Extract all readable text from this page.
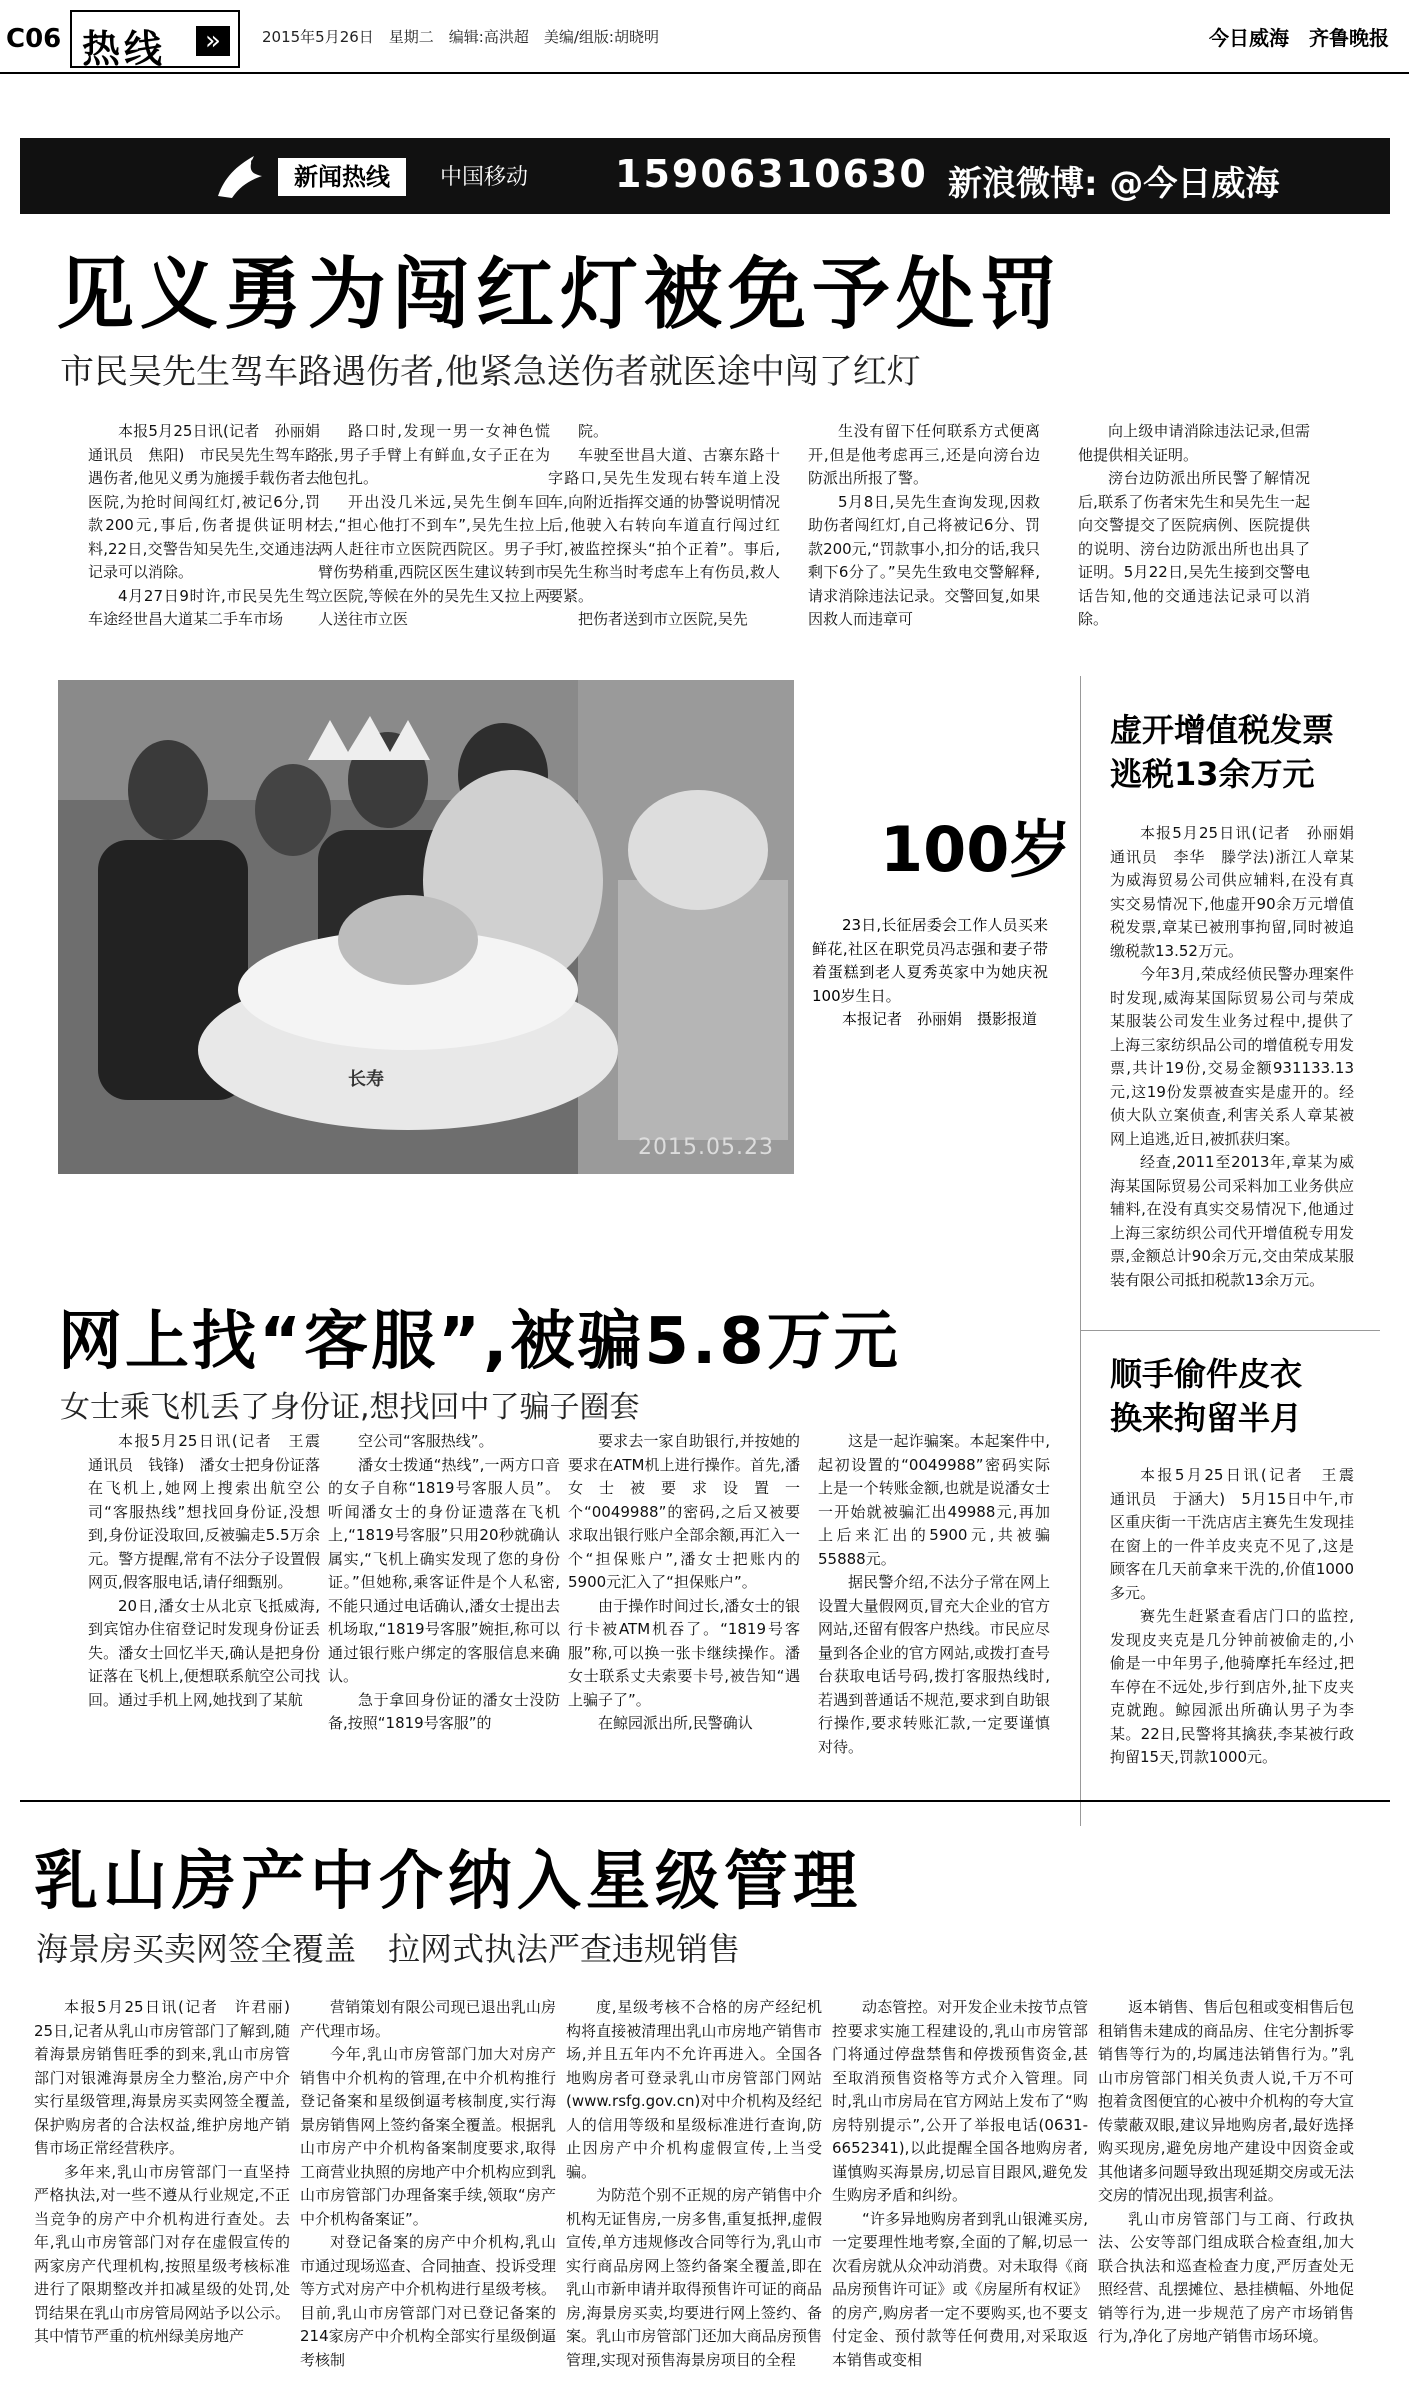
C06 热线	»	2015年5月26日　星期二　编辑:高洪超　美编/组版:胡晓明	今日威海　齐鲁晚报
新闻热线	中国移动 15906310630 新浪微博: @今日威海
见义勇为闯红灯被免予处罚
市民吴先生驾车路遇伤者,他紧急送伤者就医途中闯了红灯

本报5月25日讯(记者　孙丽娟　通讯员　焦阳)　市民吴先生驾车路遇伤者,他见义勇为施援手载伤者去医院,为抢时间闯红灯,被记6分,罚款200元,事后,伤者提供证明材料,22日,交警告知吴先生,交通违法记录可以消除。

4月27日9时许,市民吴先生驾车途经世昌大道某二手车市场

路口时,发现一男一女神色慌张,男子手臂上有鲜血,女子正在为他包扎。

开出没几米远,吴先生倒车回去,“担心他打不到车”,吴先生拉上两人赶往市立医院西院区。男子手臂伤势稍重,西院区医生建议转到市立医院,等候在外的吴先生又拉上两人送往市立医

院。

车驶至世昌大道、古寨东路十字路口,吴先生发现右转车道上没车,向附近指挥交通的协警说明情况后,他驶入右转向车道直行闯过红灯,被监控探头“拍个正着”。事后,吴先生称当时考虑车上有伤员,救人要紧。

把伤者送到市立医院,吴先

生没有留下任何联系方式便离开,但是他考虑再三,还是向滂台边防派出所报了警。

5月8日,吴先生查询发现,因救助伤者闯红灯,自己将被记6分、罚款200元,“罚款事小,扣分的话,我只剩下6分了。”吴先生致电交警解释,请求消除违法记录。交警回复,如果因救人而违章可

向上级申请消除违法记录,但需他提供相关证明。

滂台边防派出所民警了解情况后,联系了伤者宋先生和吴先生一起向交警提交了医院病例、医院提供的说明、滂台边防派出所也出具了证明。5月22日,吴先生接到交警电话告知,他的交通违法记录可以消除。

长寿
2015.05.23
100岁

23日,长征居委会工作人员买来鲜花,社区在职党员冯志强和妻子带着蛋糕到老人夏秀英家中为她庆祝100岁生日。

本报记者　孙丽娟　摄影报道

虚开增值税发票
逃税13余万元

本报5月25日讯(记者　孙丽娟　通讯员　李华　滕学法)浙江人章某为威海贸易公司供应辅料,在没有真实交易情况下,他虚开90余万元增值税发票,章某已被刑事拘留,同时被追缴税款13.52万元。

今年3月,荣成经侦民警办理案件时发现,威海某国际贸易公司与荣成某服装公司发生业务过程中,提供了上海三家纺织品公司的增值税专用发票,共计19份,交易金额931133.13元,这19份发票被查实是虚开的。经侦大队立案侦查,利害关系人章某被网上追逃,近日,被抓获归案。

经查,2011至2013年,章某为威海某国际贸易公司采料加工业务供应辅料,在没有真实交易情况下,他通过上海三家纺织公司代开增值税专用发票,金额总计90余万元,交由荣成某服装有限公司抵扣税款13余万元。

顺手偷件皮衣
换来拘留半月

本报5月25日讯(记者　王震　通讯员　于涵大)　5月15日中午,市区重庆街一干洗店店主赛先生发现挂在窗上的一件羊皮夹克不见了,这是顾客在几天前拿来干洗的,价值1000多元。

赛先生赶紧查看店门口的监控,发现皮夹克是几分钟前被偷走的,小偷是一中年男子,他骑摩托车经过,把车停在不远处,步行到店外,扯下皮夹克就跑。鲸园派出所确认男子为李某。22日,民警将其擒获,李某被行政拘留15天,罚款1000元。

网上找“客服”,被骗5.8万元
女士乘飞机丢了身份证,想找回中了骗子圈套

本报5月25日讯(记者　王震　通讯员　钱锋)　潘女士把身份证落在飞机上,她网上搜索出航空公司“客服热线”想找回身份证,没想到,身份证没取回,反被骗走5.5万余元。警方提醒,常有不法分子设置假网页,假客服电话,请仔细甄别。

20日,潘女士从北京飞抵威海,到宾馆办住宿登记时发现身份证丢失。潘女士回忆半天,确认是把身份证落在飞机上,便想联系航空公司找回。通过手机上网,她找到了某航

空公司“客服热线”。

潘女士拨通“热线”,一两方口音的女子自称“1819号客服人员”。听闻潘女士的身份证遗落在飞机上,“1819号客服”只用20秒就确认属实,“飞机上确实发现了您的身份证。”但她称,乘客证件是个人私密,不能只通过电话确认,潘女士提出去机场取,“1819号客服”婉拒,称可以通过银行账户绑定的客服信息来确认。

急于拿回身份证的潘女士没防备,按照“1819号客服”的

要求去一家自助银行,并按她的要求在ATM机上进行操作。首先,潘女士被要求设置一个“0049988”的密码,之后又被要求取出银行账户全部余额,再汇入一个“担保账户”,潘女士把账内的5900元汇入了“担保账户”。

由于操作时间过长,潘女士的银行卡被ATM机吞了。“1819号客服”称,可以换一张卡继续操作。潘女士联系丈夫索要卡号,被告知“遇上骗子了”。

在鲸园派出所,民警确认

这是一起诈骗案。本起案件中,起初设置的“0049988”密码实际上是一个转账金额,也就是说潘女士一开始就被骗汇出49988元,再加上后来汇出的5900元,共被骗55888元。

据民警介绍,不法分子常在网上设置大量假网页,冒充大企业的官方网站,还留有假客户热线。市民应尽量到各企业的官方网站,或拨打查号台获取电话号码,拨打客服热线时,若遇到普通话不规范,要求到自助银行操作,要求转账汇款,一定要谨慎对待。

乳山房产中介纳入星级管理
海景房买卖网签全覆盖　拉网式执法严查违规销售

本报5月25日讯(记者　许君丽)　25日,记者从乳山市房管部门了解到,随着海景房销售旺季的到来,乳山市房管部门对银滩海景房全力整治,房产中介实行星级管理,海景房买卖网签全覆盖,保护购房者的合法权益,维护房地产销售市场正常经营秩序。

多年来,乳山市房管部门一直坚持严格执法,对一些不遵从行业规定,不正当竞争的房产中介机构进行查处。去年,乳山市房管部门对存在虚假宣传的两家房产代理机构,按照星级考核标准进行了限期整改并扣减星级的处罚,处罚结果在乳山市房管局网站予以公示。其中情节严重的杭州绿美房地产

营销策划有限公司现已退出乳山房产代理市场。

今年,乳山市房管部门加大对房产销售中介机构的管理,在中介机构推行登记备案和星级倒逼考核制度,实行海景房销售网上签约备案全覆盖。根据乳山市房产中介机构备案制度要求,取得工商营业执照的房地产中介机构应到乳山市房管部门办理备案手续,领取“房产中介机构备案证”。

对登记备案的房产中介机构,乳山市通过现场巡查、合同抽查、投诉受理等方式对房产中介机构进行星级考核。目前,乳山市房管部门对已登记备案的214家房产中介机构全部实行星级倒逼考核制

度,星级考核不合格的房产经纪机构将直接被清理出乳山市房地产销售市场,并且五年内不允许再进入。全国各地购房者可登录乳山市房管部门网站(www.rsfg.gov.cn)对中介机构及经纪人的信用等级和星级标准进行查询,防止因房产中介机构虚假宣传,上当受骗。

为防范个别不正规的房产销售中介机构无证售房,一房多售,重复抵押,虚假宣传,单方违规修改合同等行为,乳山市实行商品房网上签约备案全覆盖,即在乳山市新申请并取得预售许可证的商品房,海景房买卖,均要进行网上签约、备案。乳山市房管部门还加大商品房预售管理,实现对预售海景房项目的全程

动态管控。对开发企业未按节点管控要求实施工程建设的,乳山市房管部门将通过停盘禁售和停拨预售资金,甚至取消预售资格等方式介入管理。同时,乳山市房局在官方网站上发布了“购房特别提示”,公开了举报电话(0631-6652341),以此提醒全国各地购房者,谨慎购买海景房,切忌盲目跟风,避免发生购房矛盾和纠纷。

“许多异地购房者到乳山银滩买房,一定要理性地考察,全面的了解,切忌一次看房就从众冲动消费。对未取得《商品房预售许可证》或《房屋所有权证》的房产,购房者一定不要购买,也不要支付定金、预付款等任何费用,对采取返本销售或变相

返本销售、售后包租或变相售后包租销售未建成的商品房、住宅分割拆零销售等行为的,均属违法销售行为。”乳山市房管部门相关负责人说,千万不可抱着贪图便宜的心被中介机构的夸大宣传蒙蔽双眼,建议异地购房者,最好选择购买现房,避免房地产建设中因资金或其他诸多问题导致出现延期交房或无法交房的情况出现,损害利益。

乳山市房管部门与工商、行政执法、公安等部门组成联合检查组,加大联合执法和巡查检查力度,严厉查处无照经营、乱摆摊位、悬挂横幅、外地促销等行为,进一步规范了房产市场销售行为,净化了房地产销售市场环境。
